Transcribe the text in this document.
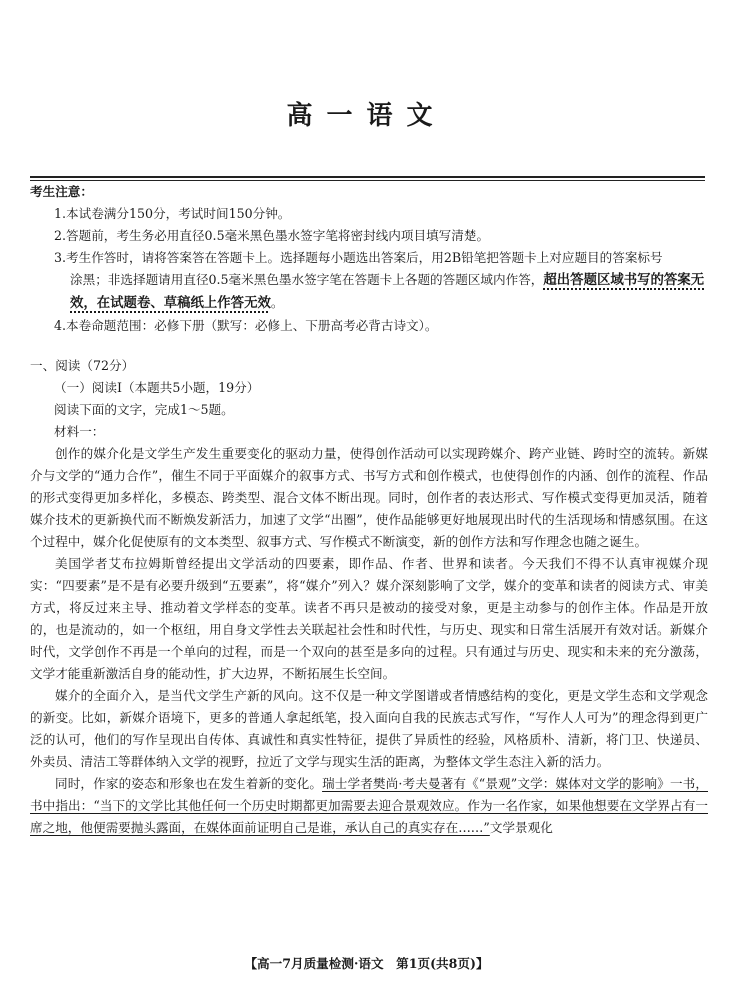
高一语文
考生注意：

1.本试卷满分150分，考试时间150分钟。

2.答题前，考生务必用直径0.5毫米黑色墨水签字笔将密封线内项目填写清楚。

3.考生作答时，请将答案答在答题卡上。选择题每小题选出答案后，用2B铅笔把答题卡上对应题目的答案标号

涂黑；非选择题请用直径0.5毫米黑色墨水签字笔在答题卡上各题的答题区域内作答，超出答题区域书写的答案无效，在试题卷、草稿纸上作答无效。

4.本卷命题范围：必修下册（默写：必修上、下册高考必背古诗文）。

一、阅读（72分）

（一）阅读Ⅰ（本题共5小题，19分）

阅读下面的文字，完成1～5题。

材料一：

创作的媒介化是文学生产发生重要变化的驱动力量，使得创作活动可以实现跨媒介、跨产业链、跨时空的流转。新媒介与文学的“通力合作”，催生不同于平面媒介的叙事方式、书写方式和创作模式，也使得创作的内涵、创作的流程、作品的形式变得更加多样化，多模态、跨类型、混合文体不断出现。同时，创作者的表达形式、写作模式变得更加灵活，随着媒介技术的更新换代而不断焕发新活力，加速了文学“出圈”，使作品能够更好地展现出时代的生活现场和情感氛围。在这个过程中，媒介化促使原有的文本类型、叙事方式、写作模式不断演变，新的创作方法和写作理念也随之诞生。

美国学者艾布拉姆斯曾经提出文学活动的四要素，即作品、作者、世界和读者。今天我们不得不认真审视媒介现实：“四要素”是不是有必要升级到“五要素”，将“媒介”列入？媒介深刻影响了文学，媒介的变革和读者的阅读方式、审美方式，将反过来主导、推动着文学样态的变革。读者不再只是被动的接受对象，更是主动参与的创作主体。作品是开放的，也是流动的，如一个枢纽，用自身文学性去关联起社会性和时代性，与历史、现实和日常生活展开有效对话。新媒介时代，文学创作不再是一个单向的过程，而是一个双向的甚至是多向的过程。只有通过与历史、现实和未来的充分激荡，文学才能重新激活自身的能动性，扩大边界，不断拓展生长空间。

媒介的全面介入，是当代文学生产新的风向。这不仅是一种文学图谱或者情感结构的变化，更是文学生态和文学观念的新变。比如，新媒介语境下，更多的普通人拿起纸笔，投入面向自我的民族志式写作，“写作人人可为”的理念得到更广泛的认可，他们的写作呈现出自传体、真诚性和真实性特征，提供了异质性的经验，风格质朴、清新，将门卫、快递员、外卖员、清洁工等群体纳入文学的视野，拉近了文学与现实生活的距离，为整体文学生态注入新的活力。

同时，作家的姿态和形象也在发生着新的变化。瑞士学者樊尚·考夫曼著有《“景观”文学：媒体对文学的影响》一书，书中指出：“当下的文学比其他任何一个历史时期都更加需要去迎合景观效应。作为一名作家，如果他想要在文学界占有一席之地，他便需要抛头露面，在媒体面前证明自己是谁，承认自己的真实存在……”文学景观化

【高一7月质量检测·语文　第1页(共8页)】
